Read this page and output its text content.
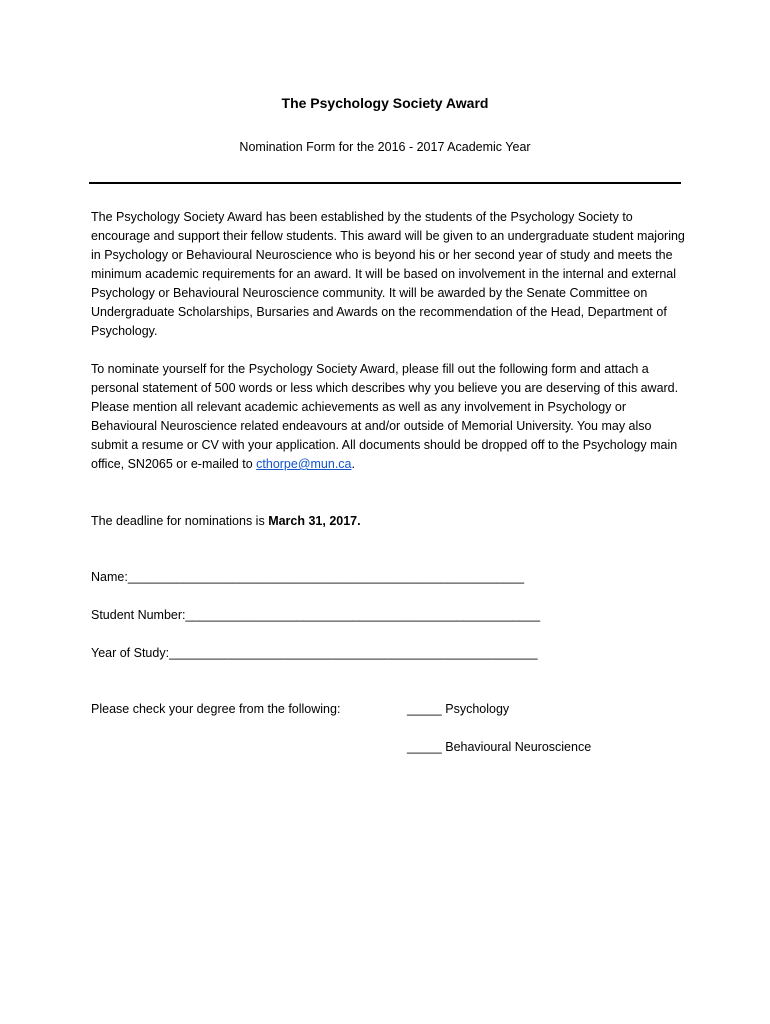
The Psychology Society Award
Nomination Form for the 2016 - 2017 Academic Year
The Psychology Society Award has been established by the students of the Psychology Society to encourage and support their fellow students. This award will be given to an undergraduate student majoring in Psychology or Behavioural Neuroscience who is beyond his or her second year of study and meets the minimum academic requirements for an award. It will be based on involvement in the internal and external Psychology or Behavioural Neuroscience community. It will be awarded by the Senate Committee on Undergraduate Scholarships, Bursaries and Awards on the recommendation of the Head, Department of Psychology.
To nominate yourself for the Psychology Society Award, please fill out the following form and attach a personal statement of 500 words or less which describes why you believe you are deserving of this award. Please mention all relevant academic achievements as well as any involvement in Psychology or Behavioural Neuroscience related endeavours at and/or outside of Memorial University. You may also submit a resume or CV with your application. All documents should be dropped off to the Psychology main office, SN2065 or e-mailed to cthorpe@mun.ca.
The deadline for nominations is March 31, 2017.
Name:_________________________________________________________
Student Number:___________________________________________________
Year of Study:_____________________________________________________
Please check your degree from the following:	_____ Psychology
_____ Behavioural Neuroscience
